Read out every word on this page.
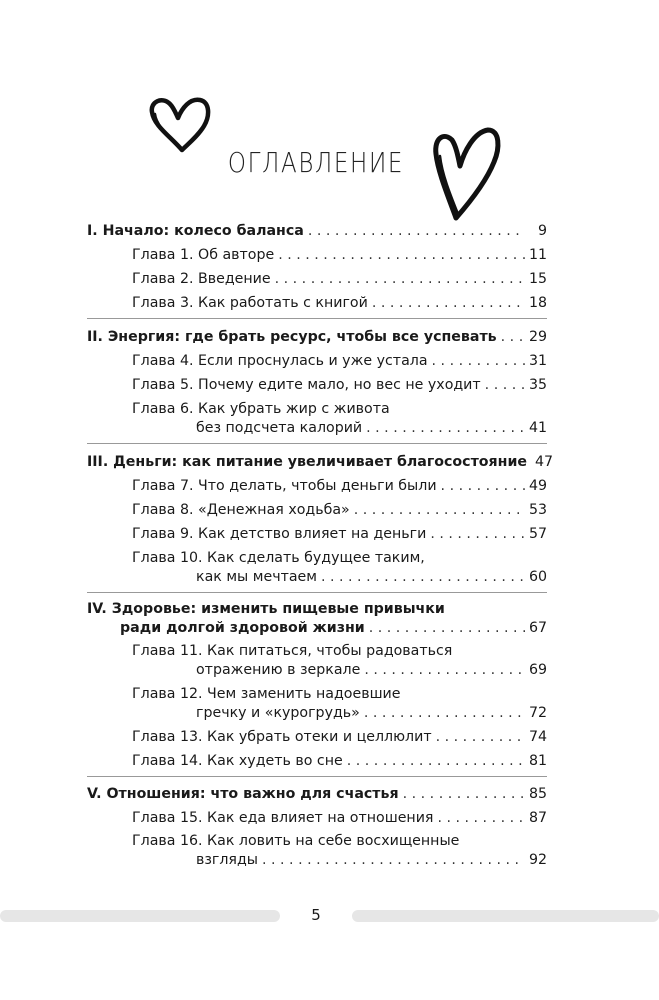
ОГЛАВЛЕНИЕ
I. Начало: колесо баланса . . .	9
Глава 1. Об авторе . . .	11
Глава 2. Введение . . .	15
Глава 3. Как работать с книгой . . .	18
II. Энергия: где брать ресурс, чтобы все успевать . . . 29
Глава 4. Если проснулась и уже устала . . .	31
Глава 5. Почему едите мало, но вес не уходит . . .	35
Глава 6. Как убрать жир с живота
без подсчета калорий . . .	41
III. Деньги: как питание увеличивает благосостояние 47
Глава 7. Что делать, чтобы деньги были . . .	49
Глава 8. «Денежная ходьба» . . .	53
Глава 9. Как детство влияет на деньги . . .	57
Глава 10. Как сделать будущее таким,
как мы мечтаем . . .	60
IV. Здоровье: изменить пищевые привычки
ради долгой здоровой жизни . . .	67
Глава 11. Как питаться, чтобы радоваться
отражению в зеркале . . .	69
Глава 12. Чем заменить надоевшие
гречку и «курогрудь» . . .	72
Глава 13. Как убрать отеки и целлюлит . . .	74
Глава 14. Как худеть во сне . . .	81
V. Отношения: что важно для счастья . . .	85
Глава 15. Как еда влияет на отношения . . .	87
Глава 16. Как ловить на себе восхищенные
взгляды . . .	92
5
